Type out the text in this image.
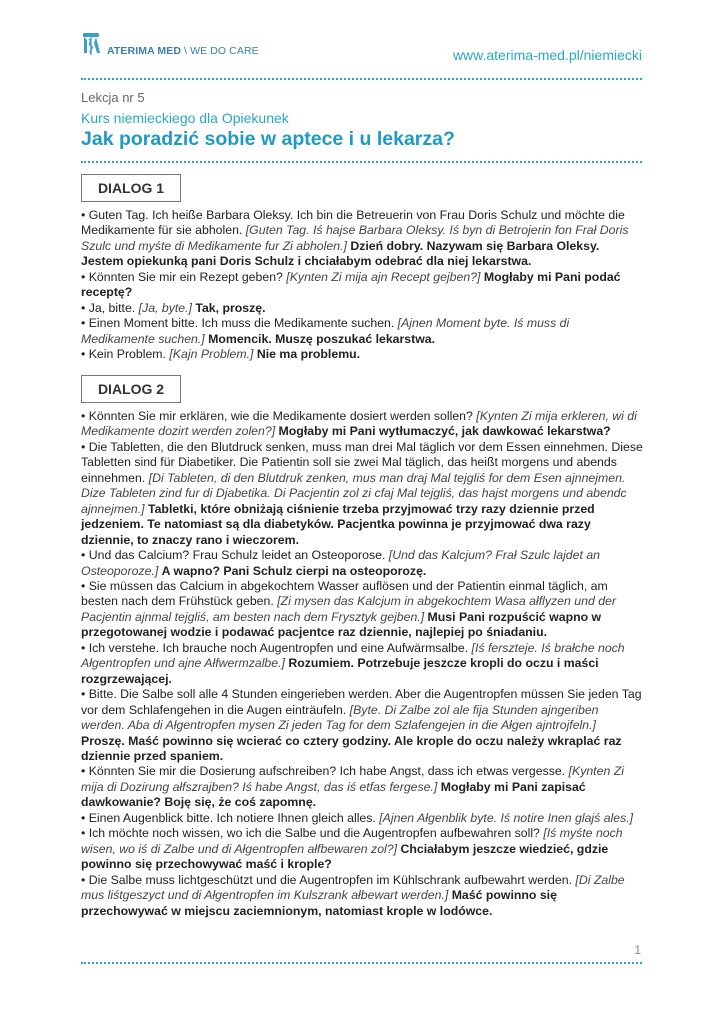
ATERIMA MED \ WE DO CARE	www.aterima-med.pl/niemiecki
Lekcja nr 5
Kurs niemieckiego dla Opiekunek
Jak poradzić sobie w aptece i u lekarza?
DIALOG 1

• Guten Tag. Ich heiße Barbara Oleksy. Ich bin die Betreuerin von Frau Doris Schulz und möchte die Medikamente für sie abholen. [Guten Tag. Iś hajse Barbara Oleksy. Iś byn di Betrojerin fon Frał Doris Szulc und myśte di Medikamente fur Zi abholen.] Dzień dobry. Nazywam się Barbara Oleksy. Jestem opiekunką pani Doris Schulz i chciałabym odebrać dla niej lekarstwa.

• Könnten Sie mir ein Rezept geben? [Kynten Zi mija ajn Recept gejben?] Mogłaby mi Pani podać receptę?

• Ja, bitte. [Ja, byte.] Tak, proszę.

• Einen Moment bitte. Ich muss die Medikamente suchen. [Ajnen Moment byte. Iś muss di Medikamente suchen.] Momencik. Muszę poszukać lekarstwa.

• Kein Problem. [Kajn Problem.] Nie ma problemu.

DIALOG 2

• Könnten Sie mir erklären, wie die Medikamente dosiert werden sollen? [Kynten Zi mija erkleren, wi di Medikamente dozirt werden zolen?] Mogłaby mi Pani wytłumaczyć, jak dawkować lekarstwa?

• Die Tabletten, die den Blutdruck senken, muss man drei Mal täglich vor dem Essen einnehmen. Diese Tabletten sind für Diabetiker. Die Patientin soll sie zwei Mal täglich, das heißt morgens und abends einnehmen. [Di Tableten, di den Blutdruk zenken, mus man draj Mal tejgliś for dem Esen ajnnejmen. Dize Tableten zind fur di Djabetika. Di Pacjentin zol zi cfaj Mal tejgliś, das hajst morgens und abendc ajnnejmen.] Tabletki, które obniżają ciśnienie trzeba przyjmować trzy razy dziennie przed jedzeniem. Te natomiast są dla diabetyków. Pacjentka powinna je przyjmować dwa razy dziennie, to znaczy rano i wieczorem.

• Und das Calcium? Frau Schulz leidet an Osteoporose. [Und das Kalcjum? Frał Szulc lajdet an Osteoporoze.] A wapno? Pani Schulz cierpi na osteoporozę.

• Sie müssen das Calcium in abgekochtem Wasser auflösen und der Patientin einmal täglich, am besten nach dem Frühstück geben. [Zi mysen das Kalcjum in abgekochtem Wasa ałflyzen und der Pacjentin ajnmal tejgliś, am besten nach dem Frysztyk gejben.] Musi Pani rozpuścić wapno w przegotowanej wodzie i podawać pacjentce raz dziennie, najlepiej po śniadaniu.

• Ich verstehe. Ich brauche noch Augentropfen und eine Aufwärmsalbe. [Iś ferszteje. Iś brałche noch Ałgentropfen und ajne Ałfwermzalbe.] Rozumiem. Potrzebuje jeszcze kropli do oczu i maści rozgrzewającej.

• Bitte. Die Salbe soll alle 4 Stunden eingerieben werden. Aber die Augentropfen müssen Sie jeden Tag vor dem Schlafengehen in die Augen einträufeln. [Byte. Di Zalbe zol ale fija Stunden ajngeriben werden. Aba di Ałgentropfen mysen Zi jeden Tag for dem Szlafengejen in die Ałgen ajntrojfeln.] Proszę. Maść powinno się wcierać co cztery godziny. Ale krople do oczu należy wkraplać raz dziennie przed spaniem.

• Könnten Sie mir die Dosierung aufschreiben? Ich habe Angst, dass ich etwas vergesse. [Kynten Zi mija di Dozirung ałfszrajben? Iś habe Angst, das iś etfas fergese.] Mogłaby mi Pani zapisać dawkowanie? Boję się, że coś zapomnę.

• Einen Augenblick bitte. Ich notiere Ihnen gleich alles. [Ajnen Ałgenblik byte. Iś notire Inen glajś ales.]

• Ich möchte noch wissen, wo ich die Salbe und die Augentropfen aufbewahren soll? [Iś myśte noch wisen, wo iś di Zalbe und di Ałgentropfen ałfbewaren zol?] Chciałabym jeszcze wiedzieć, gdzie powinno się przechowywać maść i krople?

• Die Salbe muss lichtgeschützt und die Augentropfen im Kühlschrank aufbewahrt werden. [Di Zalbe mus liśtgeszyct und di Ałgentropfen im Kulszrank ałbewart werden.] Maść powinno się przechowywać w miejscu zaciemnionym, natomiast krople w lodówce.

1
